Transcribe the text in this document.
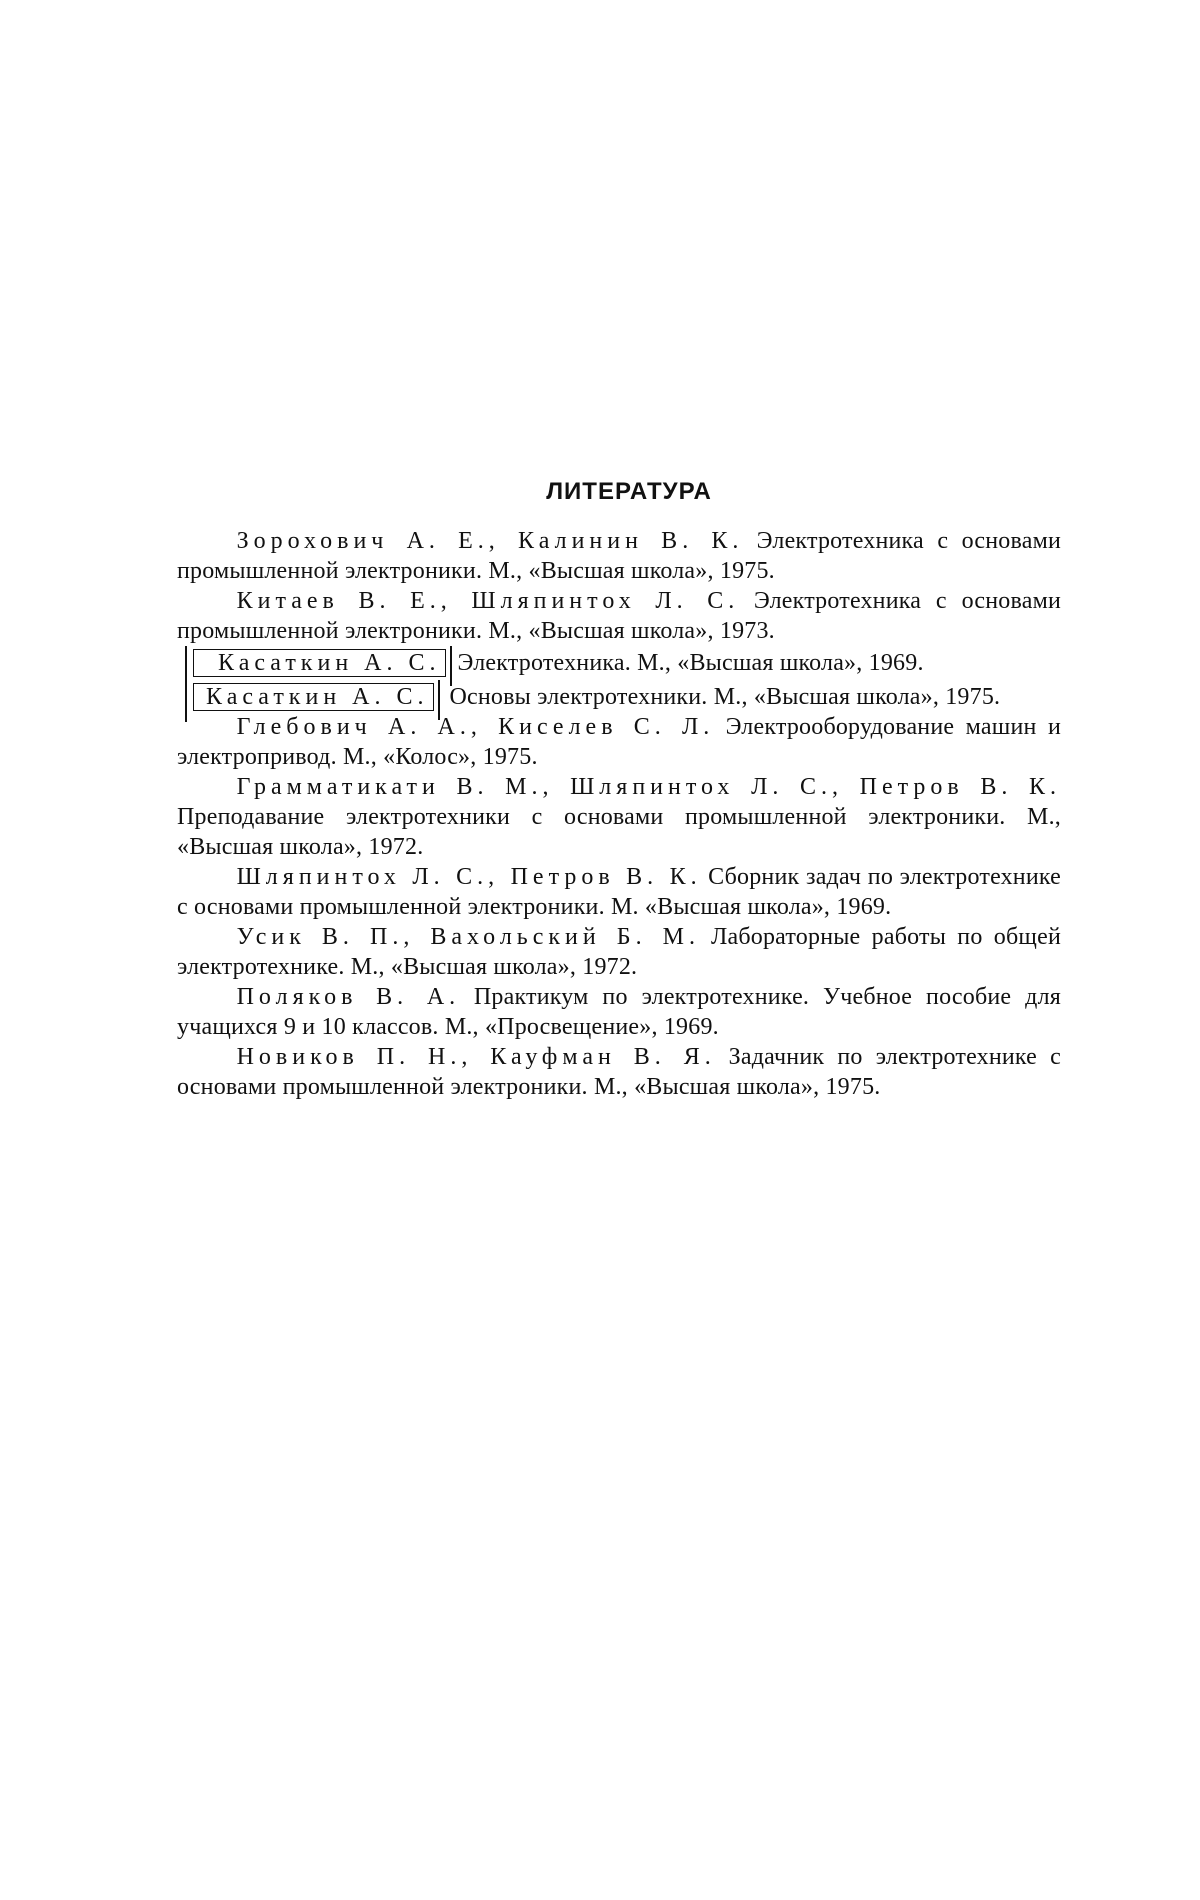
ЛИТЕРАТУРА

Зорохович А. Е., Калинин В. К. Электротехника с основами промышленной электроники. М., «Высшая школа», 1975.

Китаев В. Е., Шляпинтох Л. С. Электротехника с основами промышленной электроники. М., «Высшая школа», 1973.

Касаткин А. С. Электротехника. М., «Высшая школа», 1969.

Касаткин А. С. Основы электротехники. М., «Высшая школа», 1975.

Глебович А. А., Киселев С. Л. Электрооборудование машин и электропривод. М., «Колос», 1975.

Грамматикати В. М., Шляпинтох Л. С., Петров В. К. Преподавание электротехники с основами промышленной электроники. М., «Высшая школа», 1972.

Шляпинтох Л. С., Петров В. К. Сборник задач по электротехнике с основами промышленной электроники. М. «Высшая школа», 1969.

Усик В. П., Вахольский Б. М. Лабораторные работы по общей электротехнике. М., «Высшая школа», 1972.

Поляков В. А. Практикум по электротехнике. Учебное пособие для учащихся 9 и 10 классов. М., «Просвещение», 1969.

Новиков П. Н., Кауфман В. Я. Задачник по электротехнике с основами промышленной электроники. М., «Высшая школа», 1975.
